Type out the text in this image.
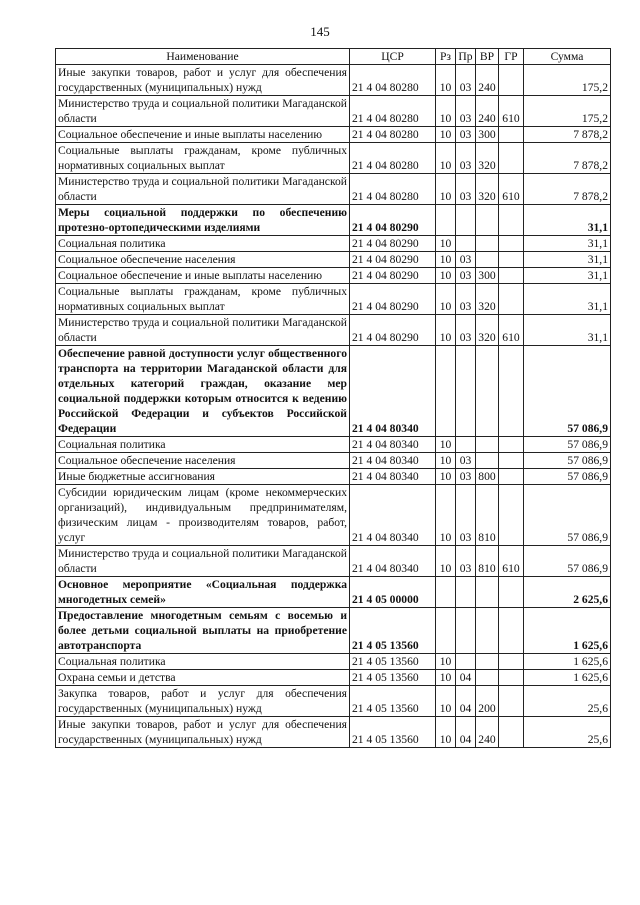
145
Наименование	ЦСР	Рз	Пр	ВР	ГР	Сумма
Иные закупки товаров, работ и услуг для обеспечения государственных (муниципальных) нужд	21 4 04 80280	10	03	240		175,2
Министерство труда и социальной политики Магаданской области	21 4 04 80280	10	03	240	610	175,2
Социальное обеспечение и иные выплаты населению	21 4 04 80280	10	03	300		7 878,2
Социальные выплаты гражданам, кроме публичных нормативных социальных выплат	21 4 04 80280	10	03	320		7 878,2
Министерство труда и социальной политики Магаданской области	21 4 04 80280	10	03	320	610	7 878,2
Меры социальной поддержки по обеспечению протезно-ортопедическими изделиями	21 4 04 80290					31,1
Социальная политика	21 4 04 80290	10				31,1
Социальное обеспечение населения	21 4 04 80290	10	03			31,1
Социальное обеспечение и иные выплаты населению	21 4 04 80290	10	03	300		31,1
Социальные выплаты гражданам, кроме публичных нормативных социальных выплат	21 4 04 80290	10	03	320		31,1
Министерство труда и социальной политики Магаданской области	21 4 04 80290	10	03	320	610	31,1
Обеспечение равной доступности услуг общественного транспорта на территории Магаданской области для отдельных категорий граждан, оказание мер социальной поддержки которым относится к ведению Российской Федерации и субъектов Российской Федерации	21 4 04 80340					57 086,9
Социальная политика	21 4 04 80340	10				57 086,9
Социальное обеспечение населения	21 4 04 80340	10	03			57 086,9
Иные бюджетные ассигнования	21 4 04 80340	10	03	800		57 086,9
Субсидии юридическим лицам (кроме некоммерческих организаций), индивидуальным предпринимателям, физическим лицам - производителям товаров, работ, услуг	21 4 04 80340	10	03	810		57 086,9
Министерство труда и социальной политики Магаданской области	21 4 04 80340	10	03	810	610	57 086,9
Основное мероприятие «Социальная поддержка многодетных семей»	21 4 05 00000					2 625,6
Предоставление многодетным семьям с восемью и более детьми социальной выплаты на приобретение автотранспорта	21 4 05 13560					1 625,6
Социальная политика	21 4 05 13560	10				1 625,6
Охрана семьи и детства	21 4 05 13560	10	04			1 625,6
Закупка товаров, работ и услуг для обеспечения государственных (муниципальных) нужд	21 4 05 13560	10	04	200		25,6
Иные закупки товаров, работ и услуг для обеспечения государственных (муниципальных) нужд	21 4 05 13560	10	04	240		25,6
